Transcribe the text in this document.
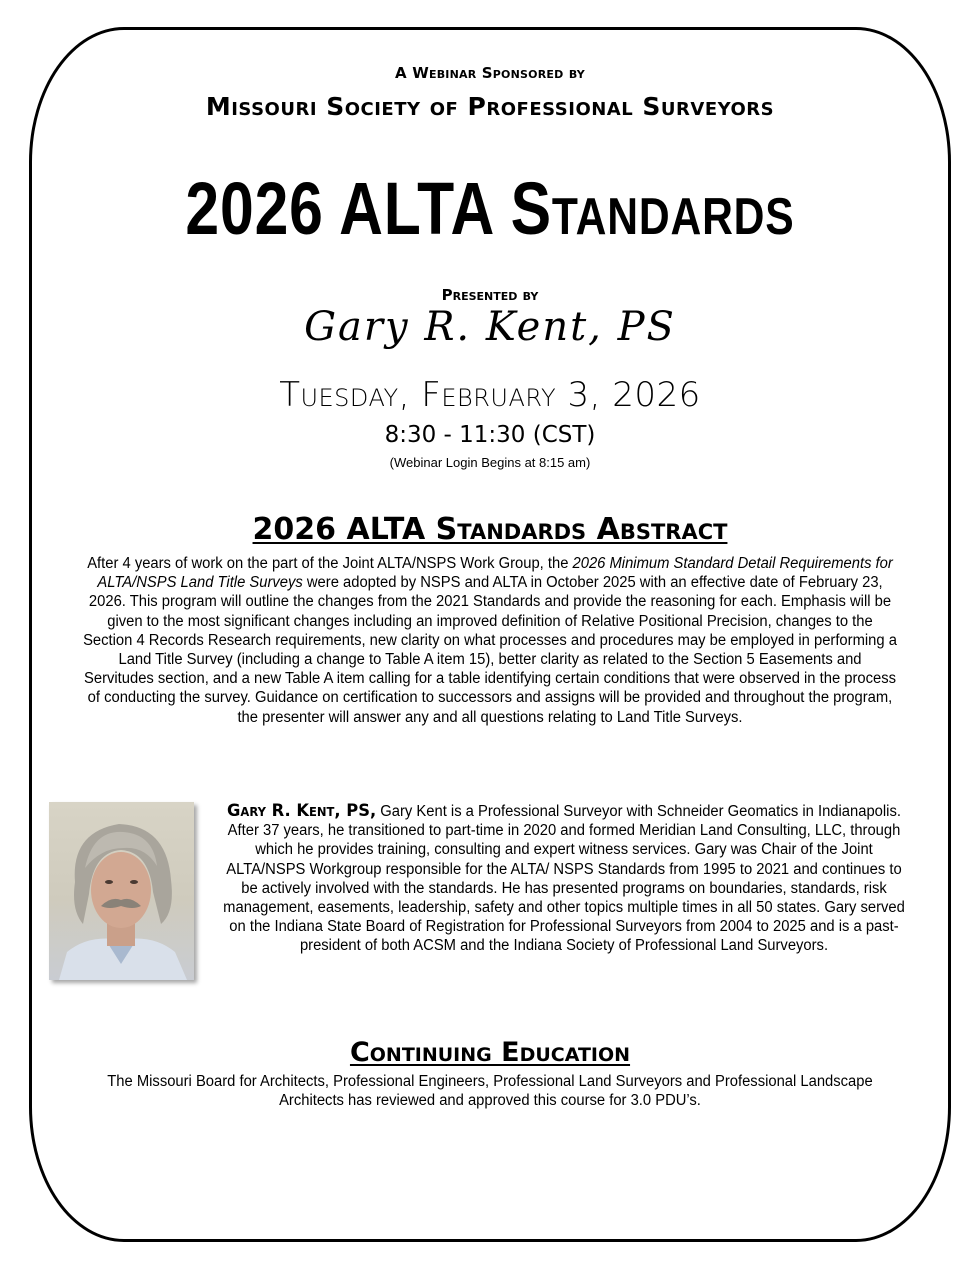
A Webinar Sponsored by
Missouri Society of Professional Surveyors
2026 ALTA Standards
Presented by
Gary R. Kent, PS
Tuesday, February 3, 2026
8:30 - 11:30 (CST)
(Webinar Login Begins at 8:15 am)
2026 ALTA Standards Abstract
After 4 years of work on the part of the Joint ALTA/NSPS Work Group, the 2026 Minimum Standard Detail Requirements for ALTA/NSPS Land Title Surveys were adopted by NSPS and ALTA in October 2025 with an effective date of February 23, 2026. This program will outline the changes from the 2021 Standards and provide the reasoning for each. Emphasis will be given to the most significant changes including an improved definition of Relative Positional Precision, changes to the Section 4 Records Research requirements, new clarity on what processes and procedures may be employed in performing a Land Title Survey (including a change to Table A item 15), better clarity as related to the Section 5 Easements and Servitudes section, and a new Table A item calling for a table identifying certain conditions that were observed in the process of conducting the survey. Guidance on certification to successors and assigns will be provided and throughout the program, the presenter will answer any and all questions relating to Land Title Surveys.
Gary R. Kent, PS, Gary Kent is a Professional Surveyor with Schneider Geomatics in Indianapolis. After 37 years, he transitioned to part-time in 2020 and formed Meridian Land Consulting, LLC, through which he provides training, consulting and expert witness services. Gary was Chair of the Joint ALTA/NSPS Workgroup responsible for the ALTA/ NSPS Standards from 1995 to 2021 and continues to be actively involved with the standards. He has presented programs on boundaries, standards, risk management, easements, leadership, safety and other topics multiple times in all 50 states. Gary served on the Indiana State Board of Registration for Professional Surveyors from 2004 to 2025 and is a past-president of both ACSM and the Indiana Society of Professional Land Surveyors.
Continuing Education
The Missouri Board for Architects, Professional Engineers, Professional Land Surveyors and Professional Landscape Architects has reviewed and approved this course for 3.0 PDU’s.
